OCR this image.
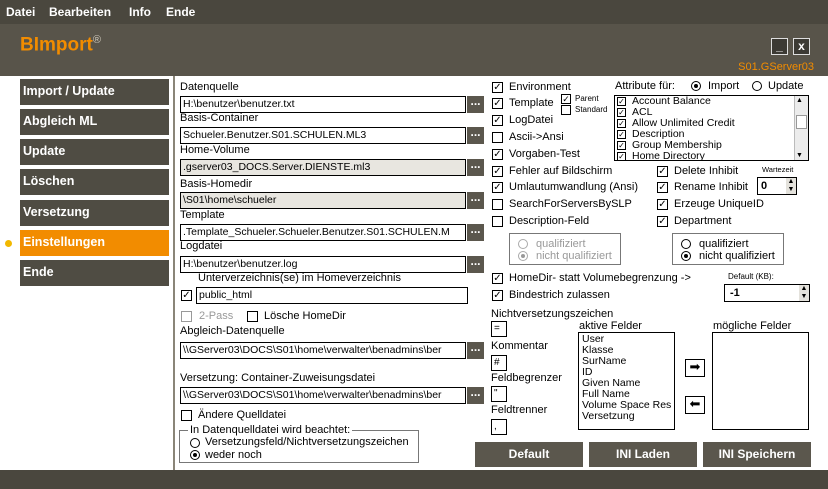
Datei Bearbeiten Info Ende
BImport®	_	x
S01.GServer03
Import / Update
Abgleich ML
Update
Löschen
Versetzung
Einstellungen
Ende
Datenquelle
H:\benutzer\benutzer.txt	...
Basis-Container
Schueler.Benutzer.S01.SCHULEN.ML3	...
Home-Volume
.gserver03_DOCS.Server.DIENSTE.ml3	...
Basis-Homedir
\S01\home\schueler	...
Template
.Template_Schueler.Schueler.Benutzer.S01.SCHULEN.M	...
Logdatei
H:\benutzer\benutzer.log	...
Unterverzeichnis(se) im Homeverzeichnis
✓ public_html
2-Pass	Lösche HomeDir
Abgleich-Datenquelle
\\GServer03\DOCS\S01\home\verwalter\benadmins\ber	...
Versetzung: Container-Zuweisungsdatei
\\GServer03\DOCS\S01\home\verwalter\benadmins\ber	...
Ändere Quelldatei
In Datenquelldatei wird beachtet:
Versetzungsfeld/Nichtversetzungszeichen
weder noch
✓ Environment
✓ Template ✓ Parent
Standard
✓ LogDatei
Ascii->Ansi
✓ Vorgaben-Test
✓ Fehler auf Bildschirm
✓ Umlautumwandlung (Ansi)
SearchForServersBySLP
Description-Feld
qualifiziert
nicht qualifiziert
✓ HomeDir- statt Volumebegrenzung ->
✓ Bindestrich zulassen
Nichtversetzungszeichen
=
Kommentar
#
Feldbegrenzer
"
Feldtrenner
,
Attribute für:	Import	Update
✓ Account Balance
✓ ACL
✓ Allow Unlimited Credit
✓ Description
✓ Group Membership
✓ Home Directory
▲
▼
✓ Delete Inhibit	Wartezeit
✓ Rename Inhibit 0	▲
▼
✓ Erzeuge UniqueID
✓ Department
qualifiziert
nicht qualifiziert
Default (KB):
-1	▲
▼
aktive Felder
User
Klasse
SurName
ID
Given Name
Full Name
Volume Space Res
Versetzung
➡
⬅
mögliche Felder
Default	INI Laden	INI Speichern
